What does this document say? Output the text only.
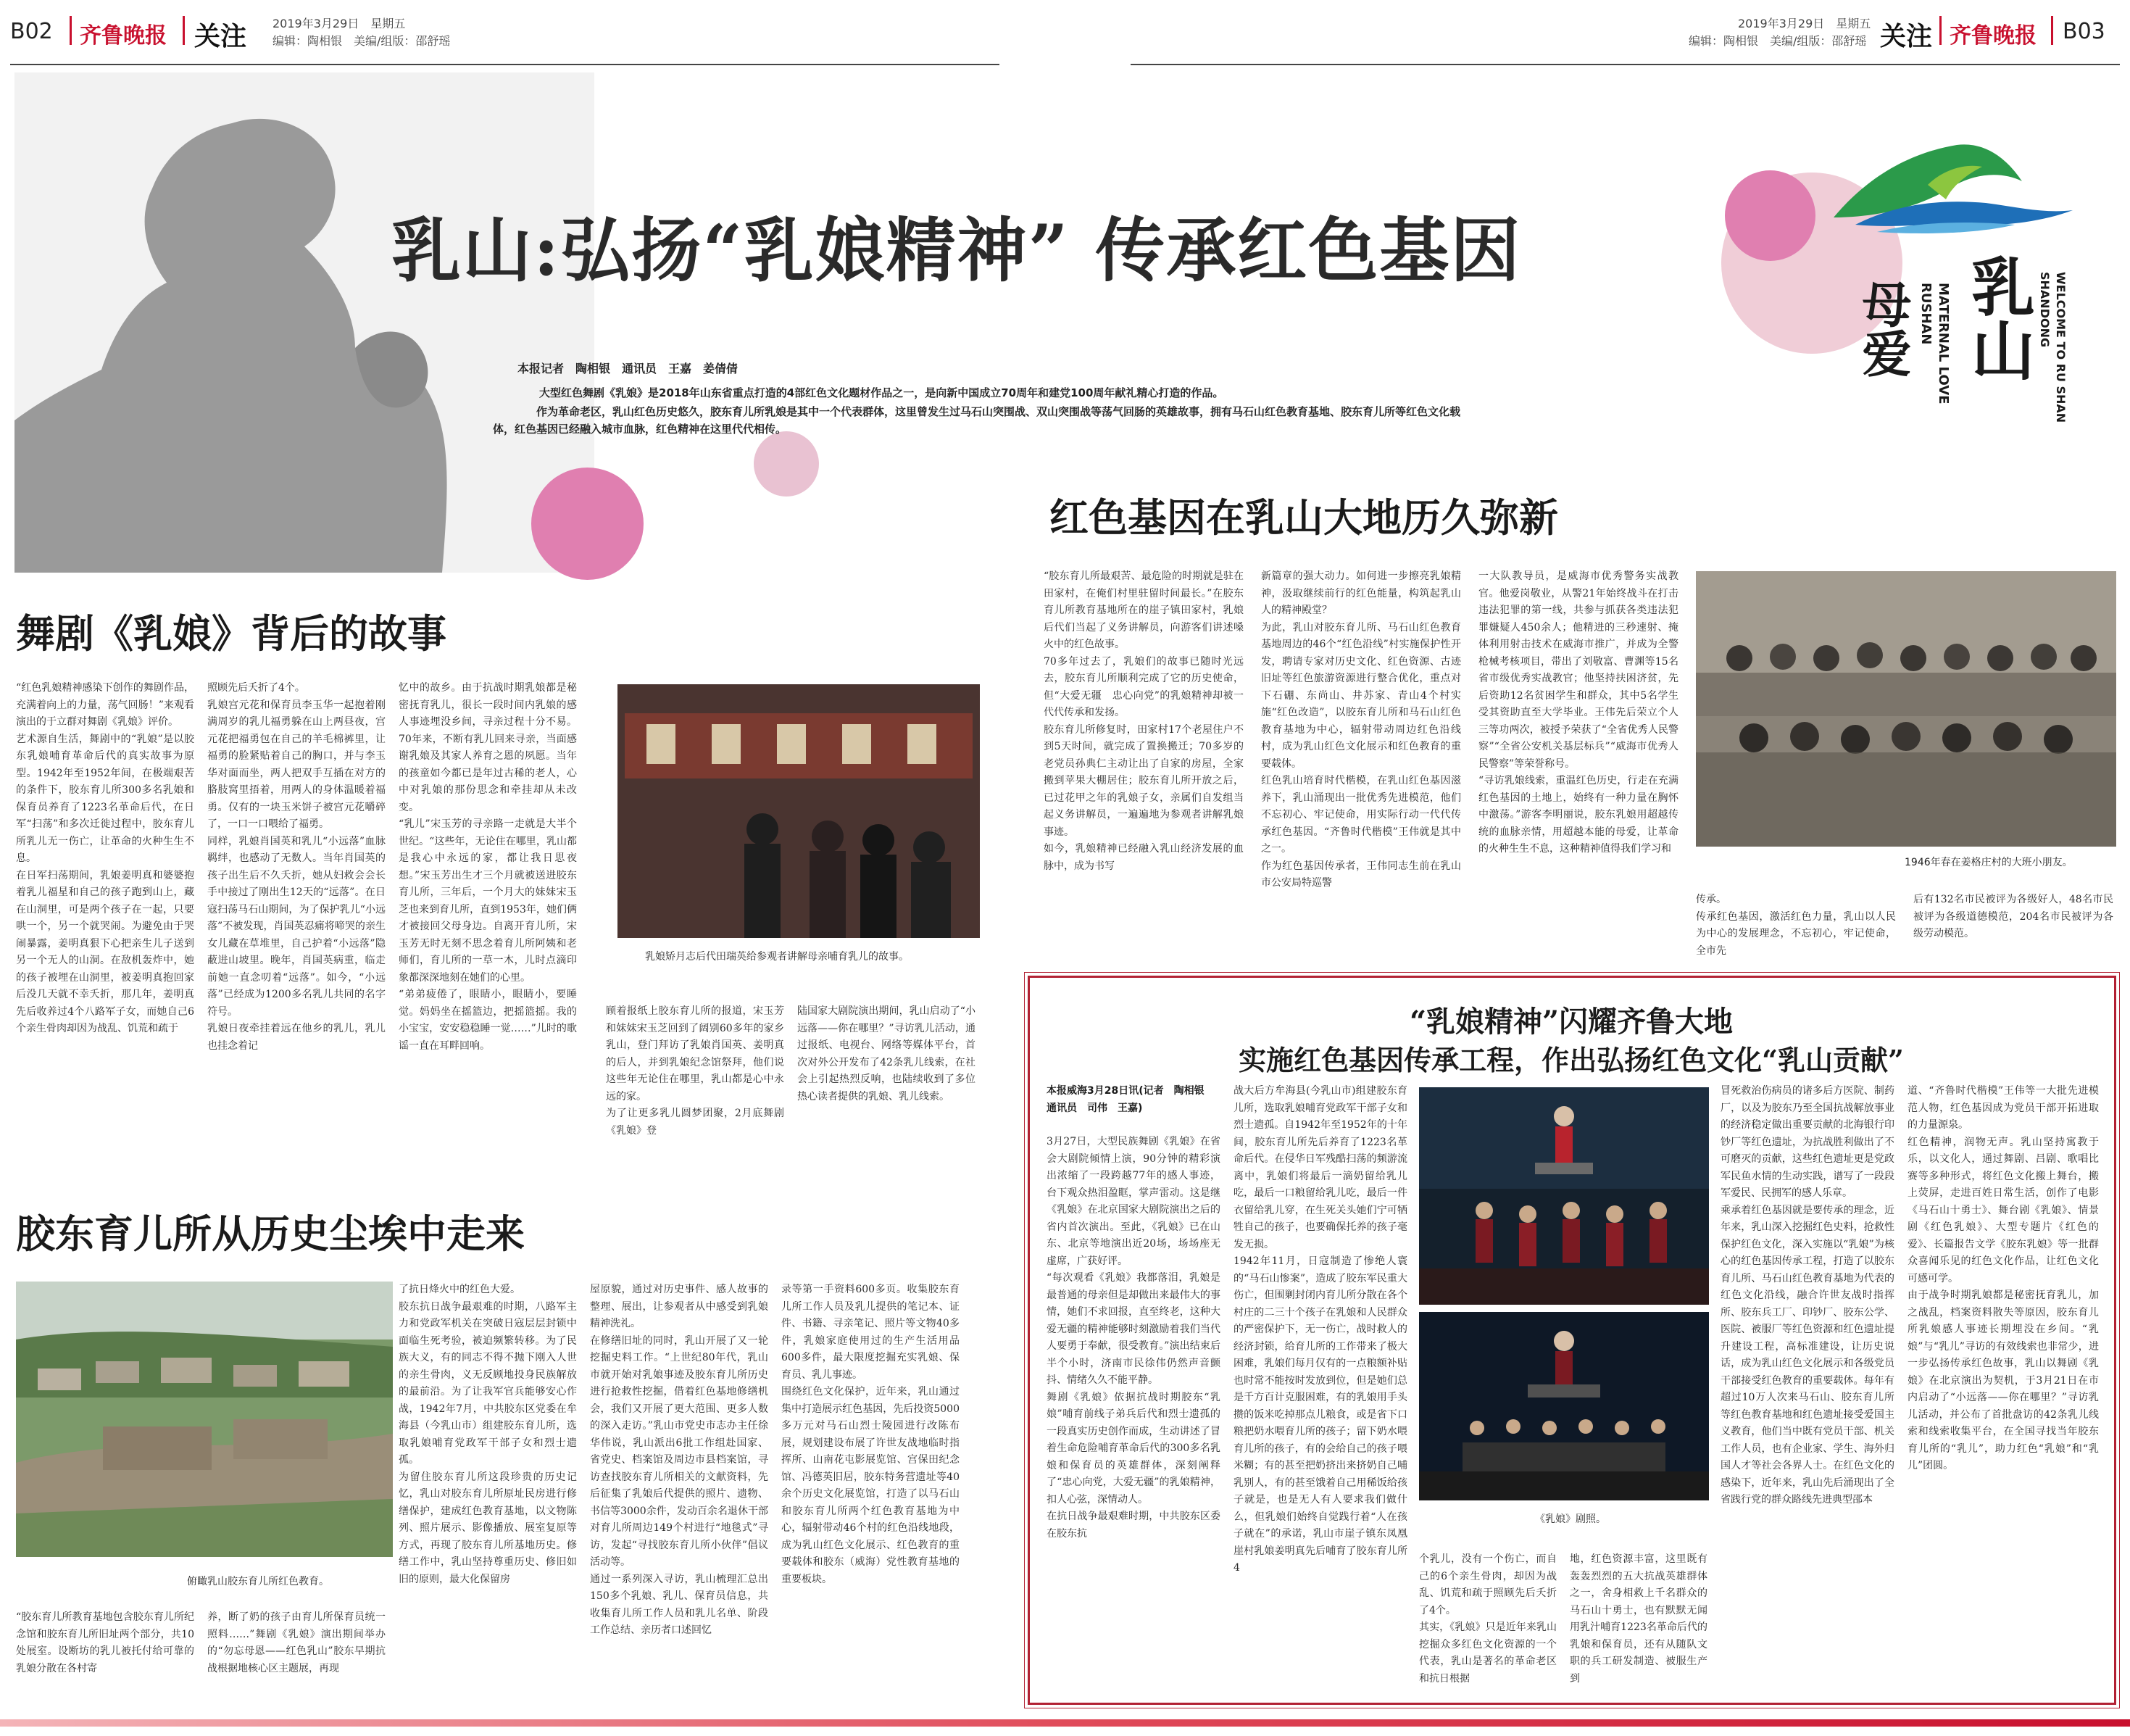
B02 齐鲁晚报 关注 2019年3月29日　星期五
编辑：陶相银　美编/组版：邵舒瑶
2019年3月29日　星期五
编辑：陶相银　美编/组版：邵舒瑶 关注 齐鲁晚报 B03
乳山:弘扬“乳娘精神” 传承红色基因
本报记者　陶相银　通讯员　王嘉　姜倩倩
大型红色舞剧《乳娘》是2018年山东省重点打造的4部红色文化题材作品之一，是向新中国成立70周年和建党100周年献礼精心打造的作品。
作为革命老区，乳山红色历史悠久，胶东育儿所乳娘是其中一个代表群体，这里曾发生过马石山突围战、双山突围战等荡气回肠的英雄故事，拥有马石山红色教育基地、胶东育儿所等红色文化载体，红色基因已经融入城市血脉，红色精神在这里代代相传。
乳山
母爱	MATERNAL LOVE
RUSHAN	WELCOME TO RU SHAN
SHANDONG
舞剧《乳娘》背后的故事
“红色乳娘精神感染下创作的舞剧作品，充满着向上的力量，荡气回肠！”来观看演出的于立群对舞剧《乳娘》评价。
艺术源自生活，舞剧中的“乳娘”是以胶东乳娘哺育革命后代的真实故事为原型。1942年至1952年间，在极端艰苦的条件下，胶东育儿所300多名乳娘和保育员养育了1223名革命后代，在日军“扫荡”和多次迁徙过程中，胶东育儿所乳儿无一伤亡，让革命的火种生生不息。
在日军扫荡期间，乳娘姜明真和婆婆抱着乳儿福星和自己的孩子跑到山上，藏在山洞里，可是两个孩子在一起，只要哄一个，另一个就哭闹。为避免由于哭闹暴露，姜明真狠下心把亲生儿子送到另一个无人的山洞。在敌机轰炸中，她的孩子被埋在山洞里，被姜明真抱回家后没几天就不幸夭折，那几年，姜明真先后收养过4个八路军子女，而她自己6个亲生骨肉却因为战乱、饥荒和疏于
照顾先后夭折了4个。
乳娘宫元花和保育员李玉华一起抱着刚满周岁的乳儿福勇躲在山上两昼夜，宫元花把福勇包在自己的羊毛棉裤里，让福勇的脸紧贴着自己的胸口，并与李玉华对面而坐，两人把双手互插在对方的胳肢窝里捂着，用两人的身体温暖着福勇。仅有的一块玉米饼子被宫元花嚼碎了，一口一口喂给了福勇。
同样，乳娘肖国英和乳儿“小远落”血脉羁绊，也感动了无数人。当年肖国英的孩子出生后不久夭折，她从妇救会会长手中接过了刚出生12天的“远落”。在日寇扫荡马石山期间，为了保护乳儿“小远落”不被发现，肖国英忍痛将啼哭的亲生女儿藏在草堆里，自己护着“小远落”隐蔽进山坡里。晚年，肖国英病重，临走前她一直念叨着“远落”。如今，“小远落”已经成为1200多名乳儿共同的名字符号。
乳娘日夜牵挂着远在他乡的乳儿，乳儿也挂念着记
忆中的故乡。由于抗战时期乳娘都是秘密抚育乳儿，很长一段时间内乳娘的感人事迹埋没乡间，寻亲过程十分不易。70年来，不断有乳儿回来寻亲，当面感谢乳娘及其家人养育之恩的夙愿。当年的孩童如今都已是年过古稀的老人，心中对乳娘的那份思念和牵挂却从未改变。
“乳儿”宋玉芳的寻亲路一走就是大半个世纪。“这些年，无论住在哪里，乳山都是我心中永远的家，都让我日思夜想。”宋玉芳出生才三个月就被送进胶东育儿所，三年后，一个月大的妹妹宋玉芝也来到育儿所，直到1953年，她们俩才被接回父母身边。自离开育儿所，宋玉芳无时无刻不思念着育儿所阿姨和老师们，育儿所的一草一木，儿时点滴印象都深深地刻在她们的心里。
“弟弟疲倦了，眼睛小，眼睛小，要睡觉。妈妈坐在摇篮边，把摇篮摇。我的小宝宝，安安稳稳睡一觉……”儿时的歌谣一直在耳畔回响。
乳娘矫月志后代田瑞英给参观者讲解母亲哺育乳儿的故事。
顾着报纸上胶东育儿所的报道，宋玉芳和妹妹宋玉芝回到了阔别60多年的家乡乳山，登门拜访了乳娘肖国英、姜明真的后人，并到乳娘纪念馆祭拜，他们说这些年无论住在哪里，乳山都是心中永远的家。
为了让更多乳儿圆梦团聚，2月底舞剧《乳娘》登
陆国家大剧院演出期间，乳山启动了“小远落——你在哪里？”寻访乳儿活动，通过报纸、电视台、网络等媒体平台，首次对外公开发布了42条乳儿线索，在社会上引起热烈反响，也陆续收到了多位热心读者提供的乳娘、乳儿线索。
胶东育儿所从历史尘埃中走来
俯瞰乳山胶东育儿所红色教育。
“胶东育儿所教育基地包含胶东育儿所纪念馆和胶东育儿所旧址两个部分，共10处展室。设断坊的乳儿被托付给可靠的乳娘分散在各村寄
养，断了奶的孩子由育儿所保育员统一照料……”舞剧《乳娘》演出期间举办的“勿忘母恩——红色乳山”胶东早期抗战根据地核心区主题展，再现
了抗日烽火中的红色大爱。
胶东抗日战争最艰难的时期，八路军主力和党政军机关在突破日寇层层封锁中面临生死考验，被迫频繁转移。为了民族大义，有的同志不得不抛下刚入人世的亲生骨肉，义无反顾地投身民族解放的最前沿。为了让我军官兵能够安心作战，1942年7月，中共胶东区党委在牟海县（今乳山市）组建胶东育儿所，选取乳娘哺育党政军干部子女和烈士遗孤。
为留住胶东育儿所这段珍贵的历史记忆，乳山对胶东育儿所原址民房进行修缮保护，建成红色教育基地，以文物陈列、照片展示、影像播放、展室复原等方式，再现了胶东育儿所基地历史。修缮工作中，乳山坚持尊重历史、修旧如旧的原则，最大化保留房
屋原貌，通过对历史事件、感人故事的整理、展出，让参观者从中感受到乳娘精神洗礼。
在修缮旧址的同时，乳山开展了又一轮挖掘史料工作。“上世纪80年代，乳山市就开始对乳娘事迹及胶东育儿所历史进行抢救性挖掘，借着红色基地修缮机会，我们又开展了更大范围、更多人数的深入走访。”乳山市党史市志办主任徐华伟说，乳山派出6批工作组赴国家、省党史、档案馆及周边市县档案馆，寻访查找胶东育儿所相关的文献资料，先后征集了乳娘后代提供的照片、遗物、书信等3000余件，发动百余名退休干部对育儿所周边149个村进行“地毯式”寻访，发起“寻找胶东育儿所小伙伴”倡议活动等。
通过一系列深入寻访，乳山梳理汇总出150多个乳娘、乳儿、保育员信息，共收集育儿所工作人员和乳儿名单、阶段工作总结、亲历者口述回忆
录等第一手资料600多页。收集胶东育儿所工作人员及乳儿提供的笔记本、证件、书籍、寻亲笔记、照片等文物40多件，乳娘家庭使用过的生产生活用品600多件，最大限度挖掘充实乳娘、保育员、乳儿事迹。
围绕红色文化保护，近年来，乳山通过集中打造展示红色基因，先后投资5000多万元对马石山烈士陵园进行改陈布展，规划建设布展了许世友战地临时指挥所、山南花屯影展览馆、宫保田纪念馆、冯德英旧居，胶东特务营遗址等40余个历史文化展览馆，打造了以马石山和胶东育儿所两个红色教育基地为中心，辐射带动46个村的红色沿线地段，成为乳山红色文化展示、红色教育的重要载体和胶东（威海）党性教育基地的重要板块。
红色基因在乳山大地历久弥新
“胶东育儿所最艰苦、最危险的时期就是驻在田家村，在俺们村里驻留时间最长。”在胶东育儿所教育基地所在的崖子镇田家村，乳娘后代们当起了义务讲解员，向游客们讲述嗓火中的红色故事。
70多年过去了，乳娘们的故事已随时光远去，胶东育儿所顺利完成了它的历史使命，但“大爱无疆　忠心向党”的乳娘精神却被一代代传承和发扬。
胶东育儿所修复时，田家村17个老屋住户不到5天时间，就完成了置换搬迁；70多岁的老党员孙典仁主动让出了自家的房屋，全家搬到苹果大棚居住；胶东育儿所开放之后，已过花甲之年的乳娘子女，亲属们自发组当起义务讲解员，一遍遍地为参观者讲解乳娘事迹。
如今，乳娘精神已经融入乳山经济发展的血脉中，成为书写
新篇章的强大动力。如何进一步擦亮乳娘精神，汲取继续前行的红色能量，构筑起乳山人的精神殿堂？
为此，乳山对胶东育儿所、马石山红色教育基地周边的46个“红色沿线”村实施保护性开发，聘请专家对历史文化、红色资源、古迹旧址等红色旅游资源进行整合优化，重点对下石硼、东尚山、井苏家、青山4个村实施“红色改造”，以胶东育儿所和马石山红色教育基地为中心，辐射带动周边红色沿线村，成为乳山红色文化展示和红色教育的重要载体。
红色乳山培育时代楷模，在乳山红色基因滋养下，乳山涌现出一批优秀先进模范，他们不忘初心、牢记使命，用实际行动一代代传承红色基因。“齐鲁时代楷模”王伟就是其中之一。
作为红色基因传承者，王伟同志生前在乳山市公安局特巡警
一大队教导员，是威海市优秀警务实战教官。他爱岗敬业，从警21年始终战斗在打击违法犯罪的第一线，共参与抓获各类违法犯罪嫌疑人450余人；他精进的三秒速射、掩体利用射击技术在威海市推广，并成为全警枪械考核项目，带出了刘敬富、曹渊等15名省市级优秀实战教官；他坚持扶困济贫，先后资助12名贫困学生和群众，其中5名学生受其资助直至大学毕业。王伟先后荣立个人三等功两次，被授予荣获了“全省优秀人民警察”“全省公安机关基层标兵”“威海市优秀人民警察”等荣誉称号。
“寻访乳娘线索，重温红色历史，行走在充满红色基因的土地上，始终有一种力量在胸怀中激荡。”游客李明丽说，胶东乳娘用超越传统的血脉亲情，用超越本能的母爱，让革命的火种生生不息，这种精神值得我们学习和
1946年春在姜格庄村的大班小朋友。
传承。
传承红色基因，激活红色力量，乳山以人民为中心的发展理念，不忘初心，牢记使命，全市先
后有132名市民被评为各级好人，48名市民被评为各级道德模范，204名市民被评为各级劳动模范。
“乳娘精神”闪耀齐鲁大地
实施红色基因传承工程，作出弘扬红色文化“乳山贡献”
本报威海3月28日讯(记者　陶相银　通讯员　司伟　王嘉)
3月27日，大型民族舞剧《乳娘》在省会大剧院倾情上演，90分钟的精彩演出浓缩了一段跨越77年的感人事迹，台下观众热泪盈眶，掌声雷动。这是继《乳娘》在北京国家大剧院演出之后的省内首次演出。至此，《乳娘》已在山东、北京等地演出近20场，场场座无虚席，广获好评。
“每次观看《乳娘》我都落泪，乳娘是最普通的母亲但是却做出来最伟大的事情，她们不求回报，直至终老，这种大爱无疆的精神能够时刻激励着我们当代人要勇于奉献，很受教育。”演出结束后半个小时，济南市民徐伟仍然声音颤抖、情绪久久不能平静。
舞剧《乳娘》依据抗战时期胶东“乳娘”哺育前线子弟兵后代和烈士遗孤的一段真实历史创作而成，生动讲述了冒着生命危险哺育革命后代的300多名乳娘和保育员的英雄群体，深刻阐释了“忠心向党，大爱无疆”的乳娘精神，扣人心弦，深情动人。
在抗日战争最艰难时期，中共胶东区委在胶东抗
战大后方牟海县(今乳山市)组建胶东育儿所，选取乳娘哺育党政军干部子女和烈士遗孤。自1942年至1952年的十年间，胶东育儿所先后养育了1223名革命后代。在侵华日军残酷扫荡的频游流离中，乳娘们将最后一滴奶留给乳儿吃，最后一口粮留给乳儿吃，最后一件衣留给乳儿穿，在生死关头她们宁可牺牲自己的孩子，也要确保托养的孩子毫发无损。
1942年11月，日寇制造了惨绝人寰的“马石山惨案”，造成了胶东军民重大伤亡，但围剿封闭内育儿所分散在各个村庄的二三十个孩子在乳娘和人民群众的严密保护下，无一伤亡，战时救人的经济封锁，给育儿所的工作带来了极大困难，乳娘们每月仅有的一点粮额补贴也时常不能按时发放到位，但是她们总是千方百计克服困难，有的乳娘用手头攒的饭米吃掉那点儿粮食，或是省下口粮把奶水喂育儿所的孩子；留下奶水喂育儿所的孩子，有的会给自己的孩子喂米糊；有的甚至把奶挤出来挤奶自己哺乳别人，有的甚至饿着自己用稀饭给孩子就是，也是无人有人要求我们做什么，但乳娘们始终自觉践行着“人在孩子就在”的承诺，乳山市崖子镇东凤凰崖村乳娘姜明真先后哺育了胶东育儿所4
《乳娘》剧照。
个乳儿，没有一个伤亡，而自己的6个亲生骨肉，却因为战乱、饥荒和疏于照顾先后夭折了4个。
其实，《乳娘》只是近年来乳山挖掘众多红色文化资源的一个代表，乳山是著名的革命老区和抗日根据
地，红色资源丰富，这里既有轰轰烈烈的五大抗战英雄群体之一，舍身相救上千名群众的马石山十勇士，也有默默无闻用乳汁哺育1223名革命后代的乳娘和保育员，还有从随队文职的兵工研发制造、被服生产到
冒死救治伤病员的诸多后方医院、制药厂，以及为胶东乃至全国抗战解放事业的经济稳定做出重要贡献的北海银行印钞厂等红色遗址，为抗战胜利做出了不可磨灭的贡献，这些红色遗址更是党政军民鱼水情的生动实践，谱写了一段段军爱民、民拥军的感人乐章。
乘承着红色基因就是要传承的理念，近年来，乳山深入挖掘红色史料，抢救性保护红色文化，深入实施以“乳娘”为核心的红色基因传承工程，打造了以胶东育儿所、马石山红色教育基地为代表的红色文化沿线，融合许世友战时指挥所、胶东兵工厂、印钞厂、胶东公学、医院、被服厂等红色资源和红色遗址提升建设工程，高标准建设，让历史说话，成为乳山红色文化展示和各级党员干部接受红色教育的重要载体。每年有超过10万人次来马石山、胶东育儿所等红色教育基地和红色遗址接受爱国主义教育，他们当中既有党员干部、机关工作人员，也有企业家、学生、海外归国人才等社会各界人士。在红色文化的感染下，近年来，乳山先后涌现出了全省践行党的群众路线先进典型邵本
道、“齐鲁时代楷模”王伟等一大批先进模范人物，红色基因成为党员干部开拓进取的力量源泉。
红色精神，润物无声。乳山坚持寓教于乐，以文化人，通过舞剧、吕剧、歌唱比赛等多种形式，将红色文化搬上舞台，搬上荧屏，走进百姓日常生活，创作了电影《马石山十勇士》、舞台剧《乳娘》、情景剧《红色乳娘》、大型专题片《红色的爱》、长篇报告文学《胶东乳娘》等一批群众喜闻乐见的红色文化作品，让红色文化可感可学。
由于战争时期乳娘都是秘密抚育乳儿，加之战乱，档案资料散失等原因，胶东育儿所乳娘感人事迹长期埋没在乡间。“乳娘”与“乳儿”寻访的有效线索也非常少，进一步弘扬传承红色故事，乳山以舞剧《乳娘》在北京演出为契机，于3月21日在市内启动了“小远落——你在哪里？”寻访乳儿活动，并公布了首批盘访的42条乳儿线索和线索收集平台，在全国寻找当年胶东育儿所的“乳儿”，助力红色“乳娘”和“乳儿”团圆。
